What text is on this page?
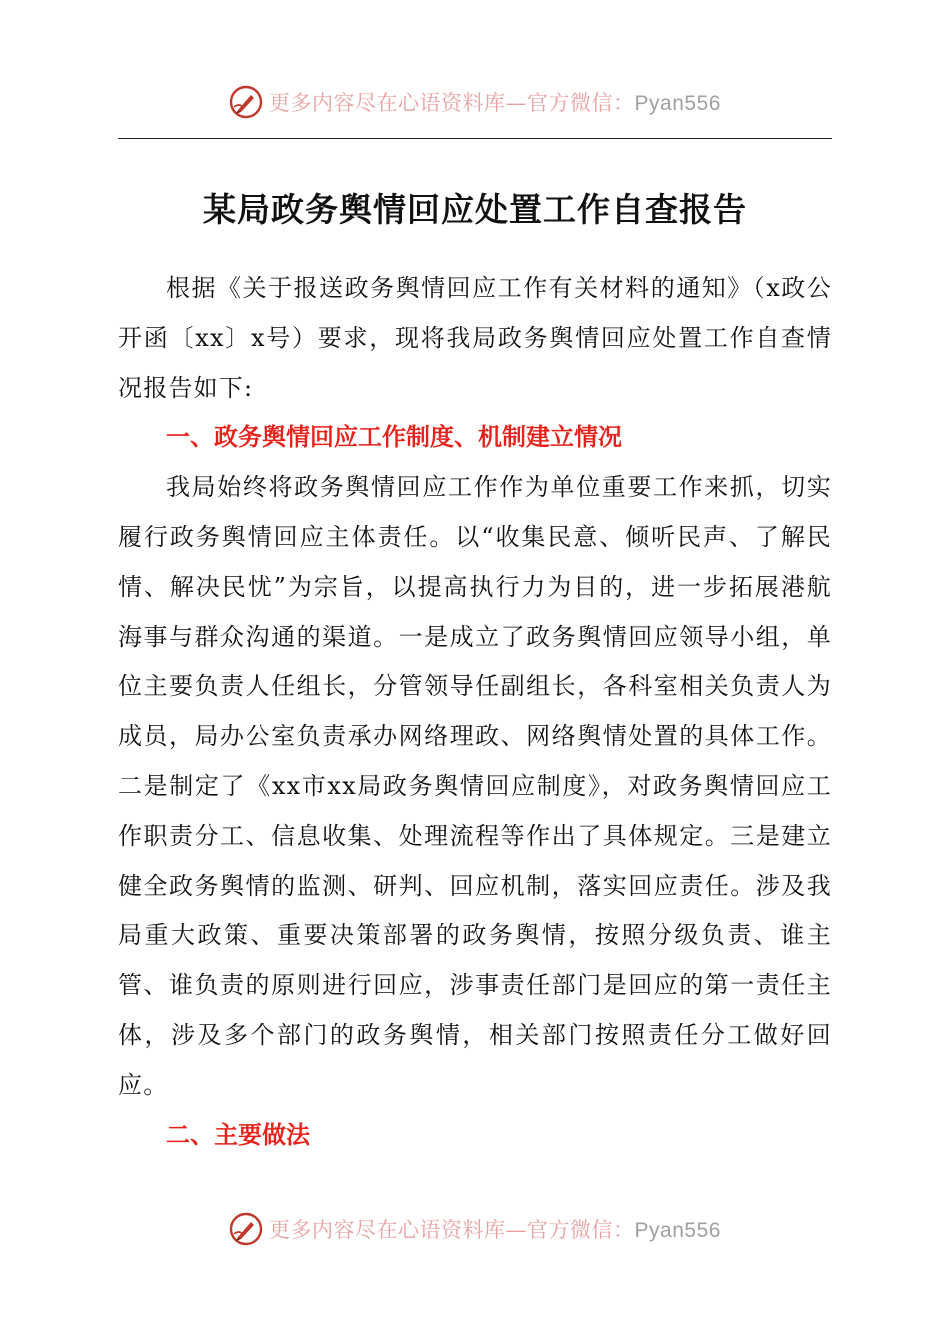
更多内容尽在心语资料库—官方微信：Pyan556
某局政务舆情回应处置工作自查报告

根据《关于报送政务舆情回应工作有关材料的通知》（x政公开函〔xx〕x号）要求，现将我局政务舆情回应处置工作自查情况报告如下:

一、政务舆情回应工作制度、机制建立情况

我局始终将政务舆情回应工作作为单位重要工作来抓，切实履行政务舆情回应主体责任。以“收集民意、倾听民声、了解民情、解决民忧”为宗旨，以提高执行力为目的，进一步拓展港航海事与群众沟通的渠道。一是成立了政务舆情回应领导小组，单位主要负责人任组长，分管领导任副组长，各科室相关负责人为成员，局办公室负责承办网络理政、网络舆情处置的具体工作。二是制定了《xx市xx局政务舆情回应制度》，对政务舆情回应工作职责分工、信息收集、处理流程等作出了具体规定。三是建立健全政务舆情的监测、研判、回应机制，落实回应责任。涉及我局重大政策、重要决策部署的政务舆情，按照分级负责、谁主管、谁负责的原则进行回应，涉事责任部门是回应的第一责任主体，涉及多个部门的政务舆情，相关部门按照责任分工做好回应。

二、主要做法

更多内容尽在心语资料库—官方微信：Pyan556
